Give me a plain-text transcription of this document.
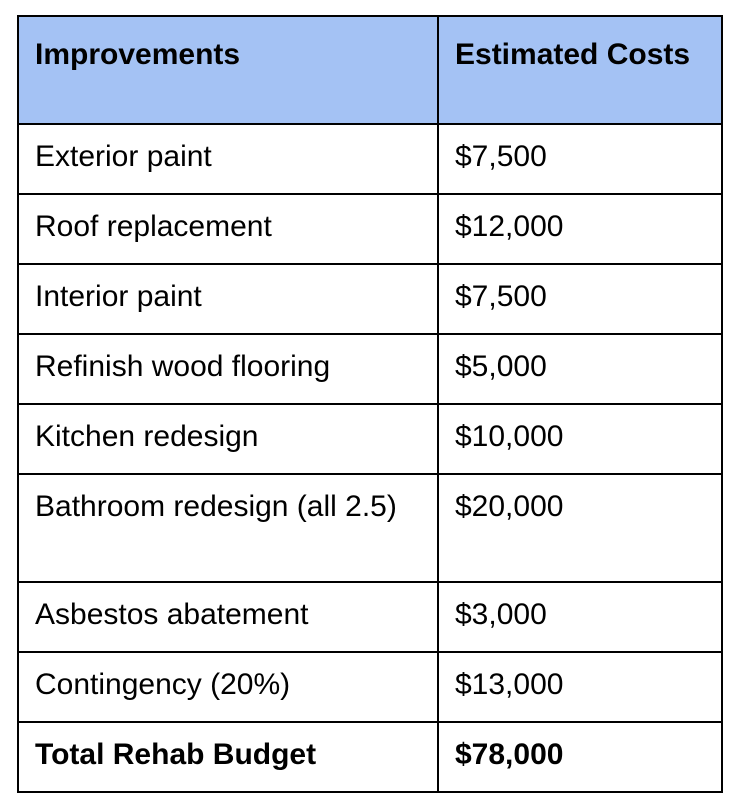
Improvements	Estimated Costs
Exterior paint	$7,500
Roof replacement	$12,000
Interior paint	$7,500
Refinish wood flooring	$5,000
Kitchen redesign	$10,000
Bathroom redesign (all 2.5)	$20,000
Asbestos abatement	$3,000
Contingency (20%)	$13,000
Total Rehab Budget	$78,000
